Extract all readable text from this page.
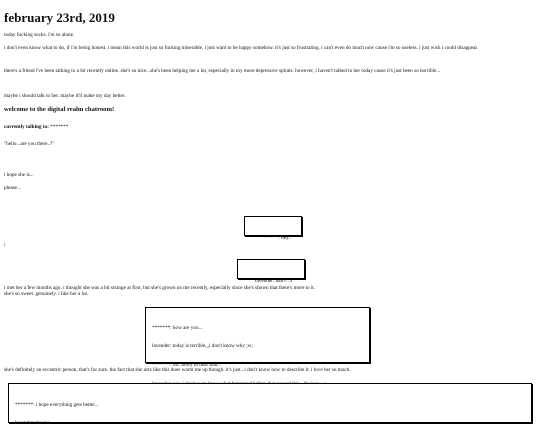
february 23rd, 2019

today fucking sucks. i'm so alone.

i don't even know what to do, if i'm being honest. i mean this world is just so fucking miserable. i just want to be happy somehow. it's just so frustrating. i can't even do much now cause i'm so useless. i just wish i could disappear.

there's a friend i've been talking to a lot recently online. she's so nice...she's been helping me a lot, especially in my more depressive spirals. however, i haven't talked to her today cause it's just been so horrible...

maybe i should talk to her. maybe it'll make my day better.

welcome to the digital realm chatroom!

currently talking to: *******

"hello...are you there..?"

i hope she is...

please...

*******: hey..

!

lavender: haii!! :3

i met her a few months ago. i thought she was a bit strange at first, but she's grown on me recently, especially since she's shown that there's more to it.

she's so sweet. genuinely. i like her a lot.

*******: how are you...

lavender: today is terrible,,,i don't know why ;w;

*******: oh...sorry to hear that...

she's definitely an eccentric person, that's for sure. the fact that she acts like this does warm me up though. it's just...i don't know how to describe it. i love her so much.

*******: i hope everything gets better...

lavender: me too..
